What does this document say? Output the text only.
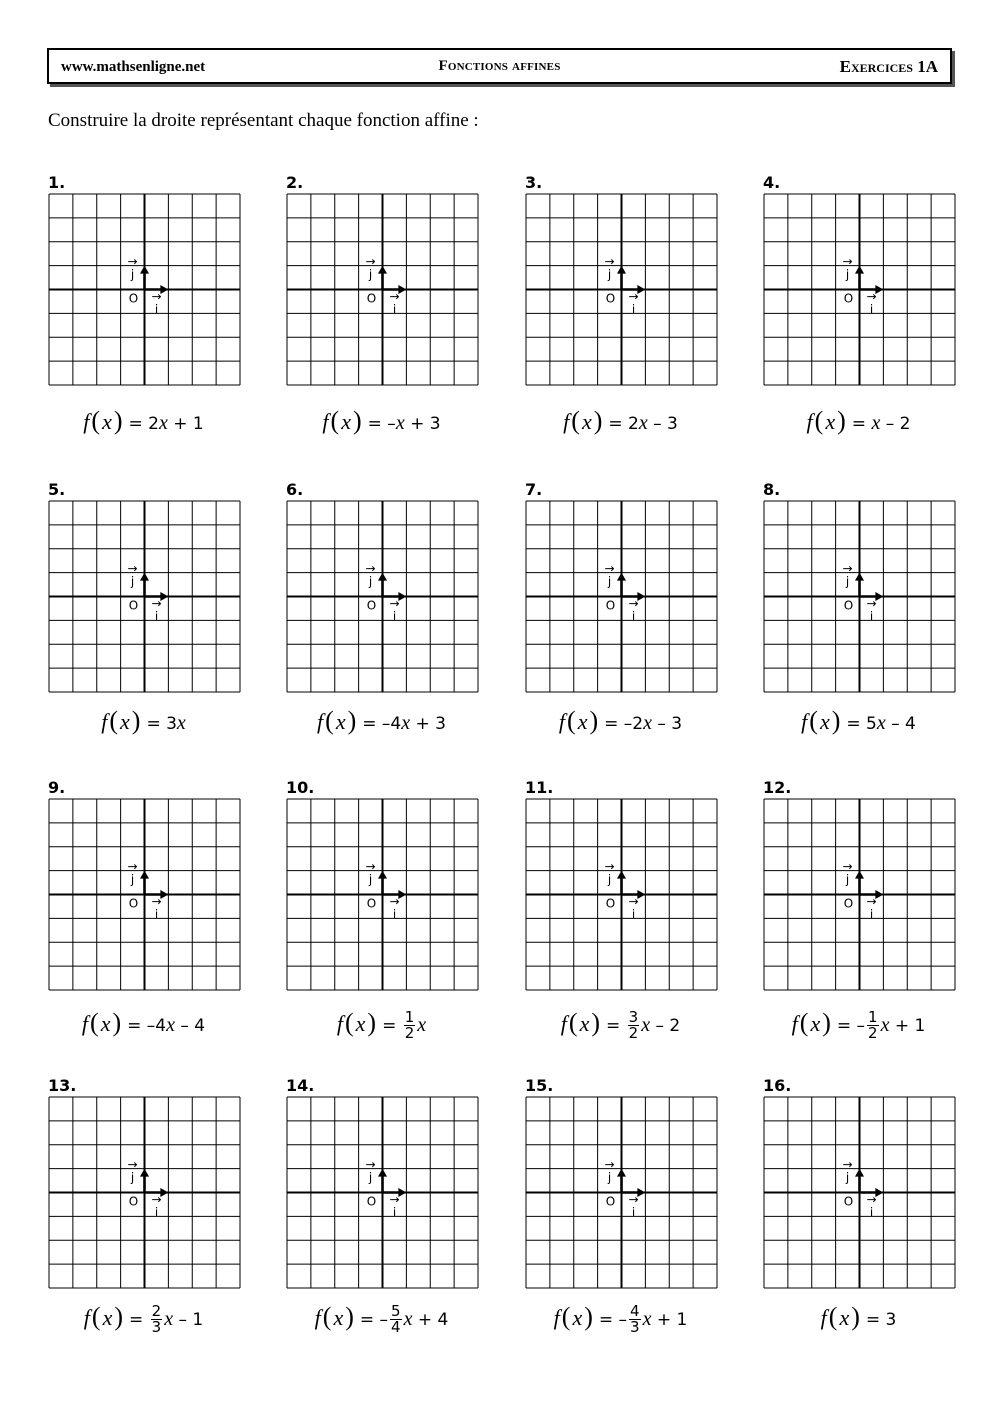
www.mathsenligne.net	Fonctions affines	Exercices 1A
Construire la droite représentant chaque fonction affine :
1.
O →
i
→
j
f(x) = 2x + 1
2.
O →
i
→
j
f(x) = –x + 3
3.
O →
i
→
j
f(x) = 2x – 3
4.
O →
i
→
j
f(x) = x – 2
5.
O →
i
→
j
f(x) = 3x
6.
O →
i
→
j
f(x) = –4x + 3
7.
O →
i
→
j
f(x) = –2x – 3
8.
O →
i
→
j
f(x) = 5x – 4
9.
O →
i
→
j
f(x) = –4x – 4
10.
O →
i
→
j
$f(x) = \frac{1}{2}$ x
11.
O →
i
→
j
$f(x) = \frac{3}{2}$ x – 2
12.
O →
i
→
j
f(x) = – $\frac{1}{2}$ x + 1
13.
O →
i
→
j
$f(x) = \frac{2}{3}$ x – 1
14.
O →
i
→
j
f(x) = – $\frac{5}{4}$ x + 4
15.
O →
i
→
j
f(x) = – $\frac{4}{3}$ x + 1
16.
O →
i
→
j
f(x) = 3
